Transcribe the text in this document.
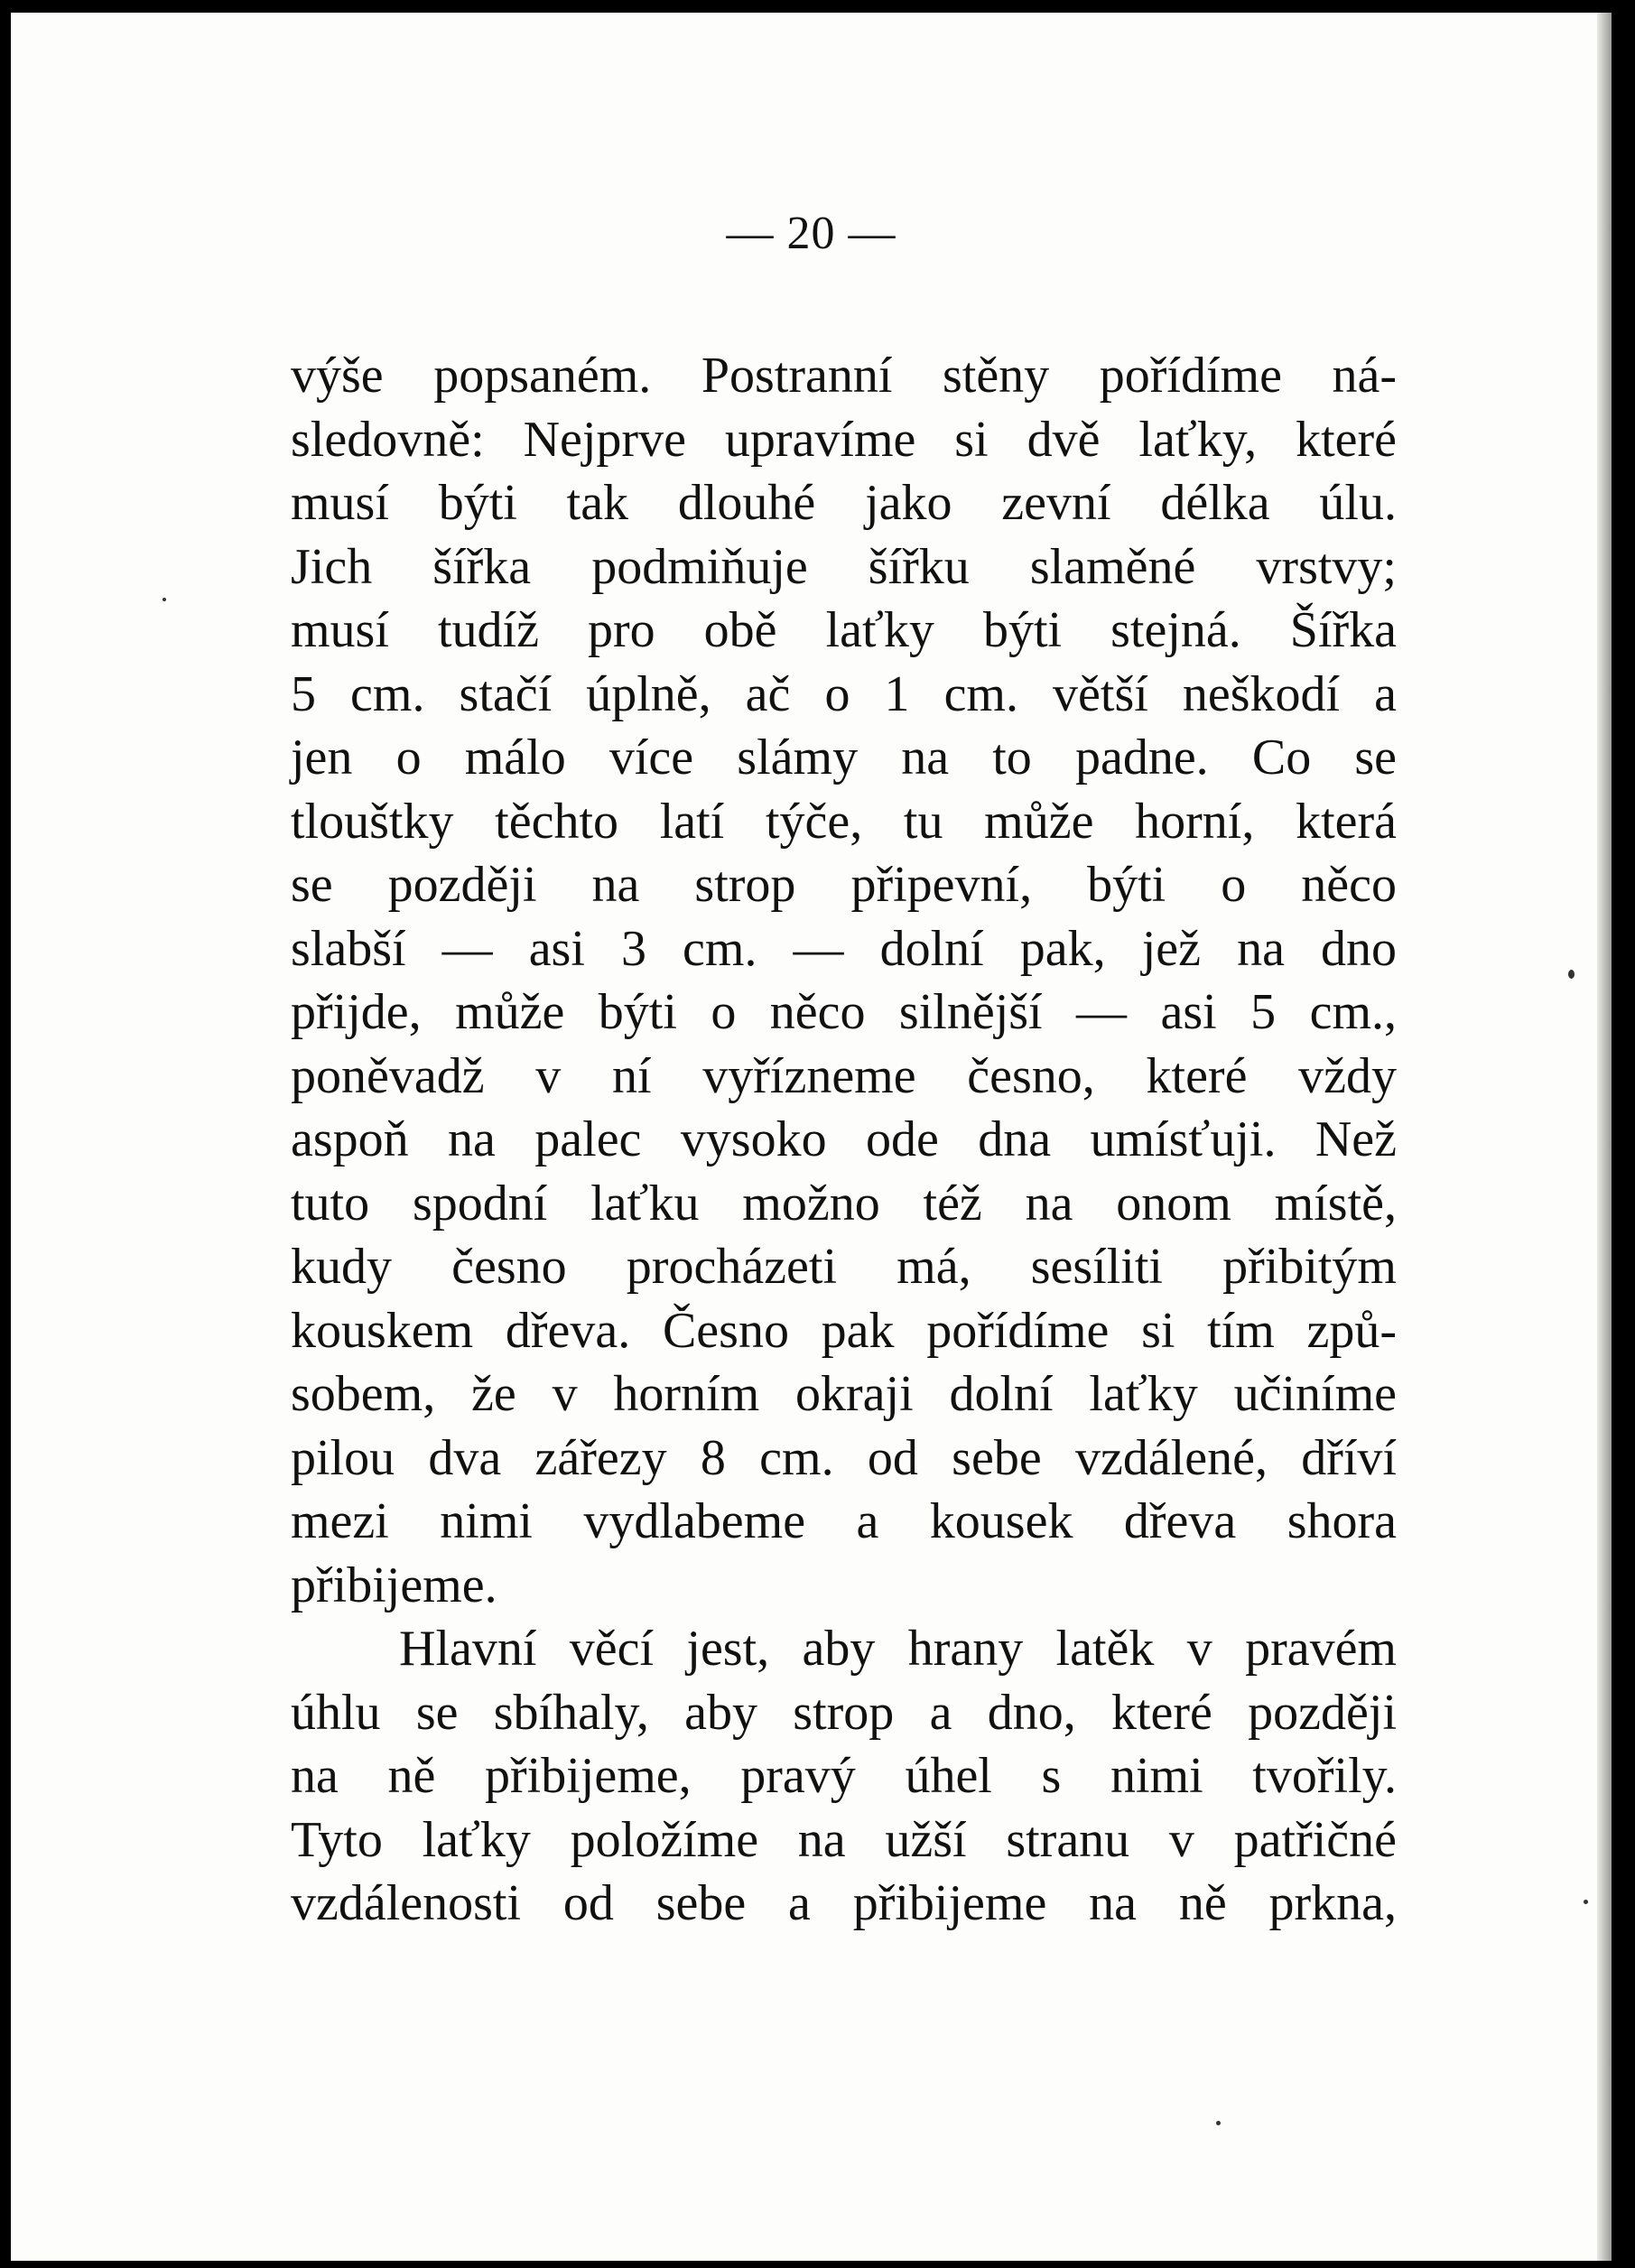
— 20 —
výše popsaném. Postranní stěny pořídíme ná-
sledovně: Nejprve upravíme si dvě laťky, které
musí býti tak dlouhé jako zevní délka úlu.
Jich šířka podmiňuje šířku slaměné vrstvy;
musí tudíž pro obě laťky býti stejná. Šířka
5 cm. stačí úplně, ač o 1 cm. větší neškodí a
jen o málo více slámy na to padne. Co se
tlouštky těchto latí týče, tu může horní, která
se později na strop připevní, býti o něco
slabší — asi 3 cm. — dolní pak, jež na dno
přijde, může býti o něco silnější — asi 5 cm.,
poněvadž v ní vyřízneme česno, které vždy
aspoň na palec vysoko ode dna umísťuji. Než
tuto spodní laťku možno též na onom místě,
kudy česno procházeti má, sesíliti přibitým
kouskem dřeva. Česno pak pořídíme si tím způ-
sobem, že v horním okraji dolní laťky učiníme
pilou dva zářezy 8 cm. od sebe vzdálené, dříví
mezi nimi vydlabeme a kousek dřeva shora
přibijeme.
Hlavní věcí jest, aby hrany latěk v pravém
úhlu se sbíhaly, aby strop a dno, které později
na ně přibijeme, pravý úhel s nimi tvořily.
Tyto laťky položíme na užší stranu v patřičné
vzdálenosti od sebe a přibijeme na ně prkna,
